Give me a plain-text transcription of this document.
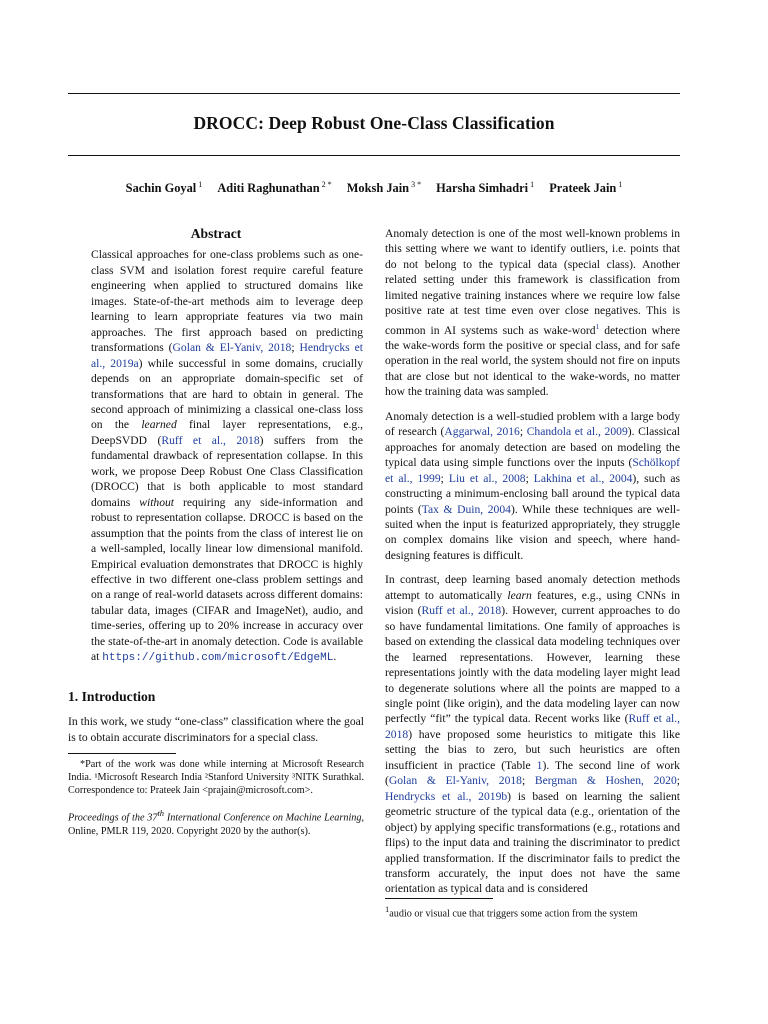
DROCC: Deep Robust One-Class Classification
Sachin Goyal $^1$ Aditi Raghunathan $^{2 *}$ Moksh Jain $^{3 *}$ Harsha Simhadri $^1$ Prateek Jain $^1$
Abstract

Classical approaches for one-class problems such as one-class SVM and isolation forest require careful feature engineering when applied to structured domains like images. State-of-the-art methods aim to leverage deep learning to learn appropriate features via two main approaches. The first approach based on predicting transformations (Golan & El-Yaniv, 2018; Hendrycks et al., 2019a) while successful in some domains, crucially depends on an appropriate domain-specific set of transformations that are hard to obtain in general. The second approach of minimizing a classical one-class loss on the learned final layer representations, e.g., DeepSVDD (Ruff et al., 2018) suffers from the fundamental drawback of representation collapse. In this work, we propose Deep Robust One Class Classification (DROCC) that is both applicable to most standard domains without requiring any side-information and robust to representation collapse. DROCC is based on the assumption that the points from the class of interest lie on a well-sampled, locally linear low dimensional manifold. Empirical evaluation demonstrates that DROCC is highly effective in two different one-class problem settings and on a range of real-world datasets across different domains: tabular data, images (CIFAR and ImageNet), audio, and time-series, offering up to 20% increase in accuracy over the state-of-the-art in anomaly detection. Code is available at https://github.com/microsoft/EdgeML.

1. Introduction

In this work, we study “one-class” classification where the goal is to obtain accurate discriminators for a special class.

*Part of the work was done while interning at Microsoft Research India. ¹Microsoft Research India ²Stanford University ³NITK Surathkal. Correspondence to: Prateek Jain <prajain@microsoft.com>.
Proceedings of the 37th International Conference on Machine Learning, Online, PMLR 119, 2020. Copyright 2020 by the author(s).

Anomaly detection is one of the most well-known problems in this setting where we want to identify outliers, i.e. points that do not belong to the typical data (special class). Another related setting under this framework is classification from limited negative training instances where we require low false positive rate at test time even over close negatives. This is common in AI systems such as wake-word$^1$ detection where the wake-words form the positive or special class, and for safe operation in the real world, the system should not fire on inputs that are close but not identical to the wake-words, no matter how the training data was sampled.

Anomaly detection is a well-studied problem with a large body of research (Aggarwal, 2016; Chandola et al., 2009). Classical approaches for anomaly detection are based on modeling the typical data using simple functions over the inputs (Schölkopf et al., 1999; Liu et al., 2008; Lakhina et al., 2004), such as constructing a minimum-enclosing ball around the typical data points (Tax & Duin, 2004). While these techniques are well-suited when the input is featurized appropriately, they struggle on complex domains like vision and speech, where hand-designing features is difficult.

In contrast, deep learning based anomaly detection methods attempt to automatically learn features, e.g., using CNNs in vision (Ruff et al., 2018). However, current approaches to do so have fundamental limitations. One family of approaches is based on extending the classical data modeling techniques over the learned representations. However, learning these representations jointly with the data modeling layer might lead to degenerate solutions where all the points are mapped to a single point (like origin), and the data modeling layer can now perfectly “fit” the typical data. Recent works like (Ruff et al., 2018) have proposed some heuristics to mitigate this like setting the bias to zero, but such heuristics are often insufficient in practice (Table 1). The second line of work (Golan & El-Yaniv, 2018; Bergman & Hoshen, 2020; Hendrycks et al., 2019b) is based on learning the salient geometric structure of the typical data (e.g., orientation of the object) by applying specific transformations (e.g., rotations and flips) to the input data and training the discriminator to predict applied transformation. If the discriminator fails to predict the transform accurately, the input does not have the same orientation as typical data and is considered

$^1$audio or visual cue that triggers some action from the system
